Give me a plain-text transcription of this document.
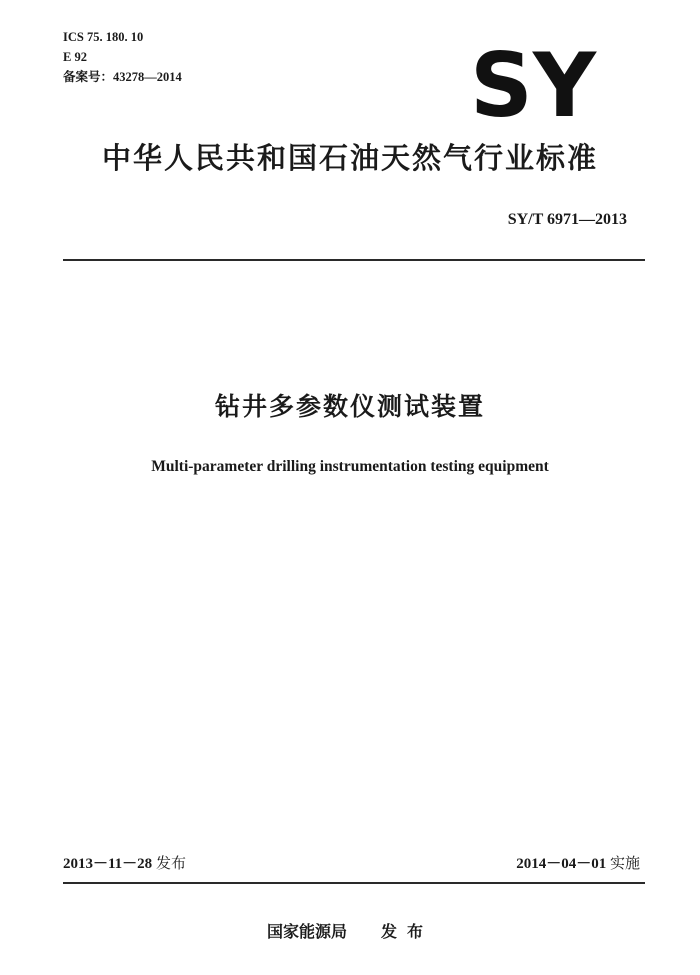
ICS 75. 180. 10
E 92
备案号：43278—2014	SY
中华人民共和国石油天然气行业标准
SY/T 6971—2013
钻井多参数仪测试装置
Multi-parameter drilling instrumentation testing equipment
2013－11－28 发布	2014－04－01 实施
国家能源局 发布
